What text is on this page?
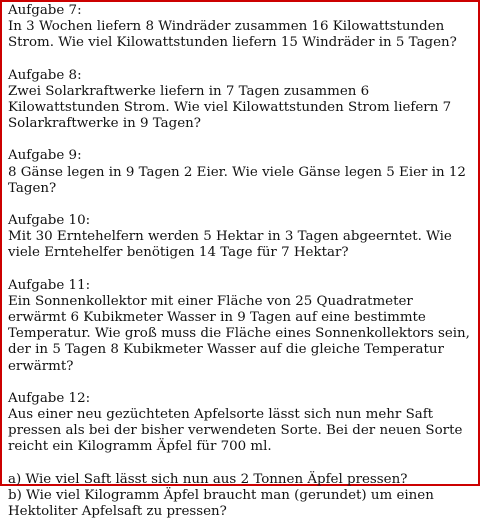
Aufgabe 7:
In 3 Wochen liefern 8 Windräder zusammen 16 Kilowattstunden Strom. Wie viel Kilowattstunden liefern 15 Windräder in 5 Tagen?
Aufgabe 8:
Zwei Solarkraftwerke liefern in 7 Tagen zusammen 6 Kilowattstunden Strom. Wie viel Kilowattstunden Strom liefern 7 Solarkraftwerke in 9 Tagen?
Aufgabe 9:
8 Gänse legen in 9 Tagen 2 Eier. Wie viele Gänse legen 5 Eier in 12 Tagen?
Aufgabe 10:
Mit 30 Erntehelfern werden 5 Hektar in 3 Tagen abgeerntet. Wie viele Erntehelfer benötigen 14 Tage für 7 Hektar?
Aufgabe 11:
Ein Sonnenkollektor mit einer Fläche von 25 Quadratmeter erwärmt 6 Kubikmeter Wasser in 9 Tagen auf eine bestimmte Temperatur. Wie groß muss die Fläche eines Sonnenkollektors sein, der in 5 Tagen 8 Kubikmeter Wasser auf die gleiche Temperatur erwärmt?
Aufgabe 12:
Aus einer neu gezüchteten Apfelsorte lässt sich nun mehr Saft pressen als bei der bisher verwendeten Sorte. Bei der neuen Sorte reicht ein Kilogramm Äpfel für 700 ml.
a) Wie viel Saft lässt sich nun aus 2 Tonnen Äpfel pressen?
b) Wie viel Kilogramm Äpfel braucht man (gerundet) um einen Hektoliter Apfelsaft zu pressen?
